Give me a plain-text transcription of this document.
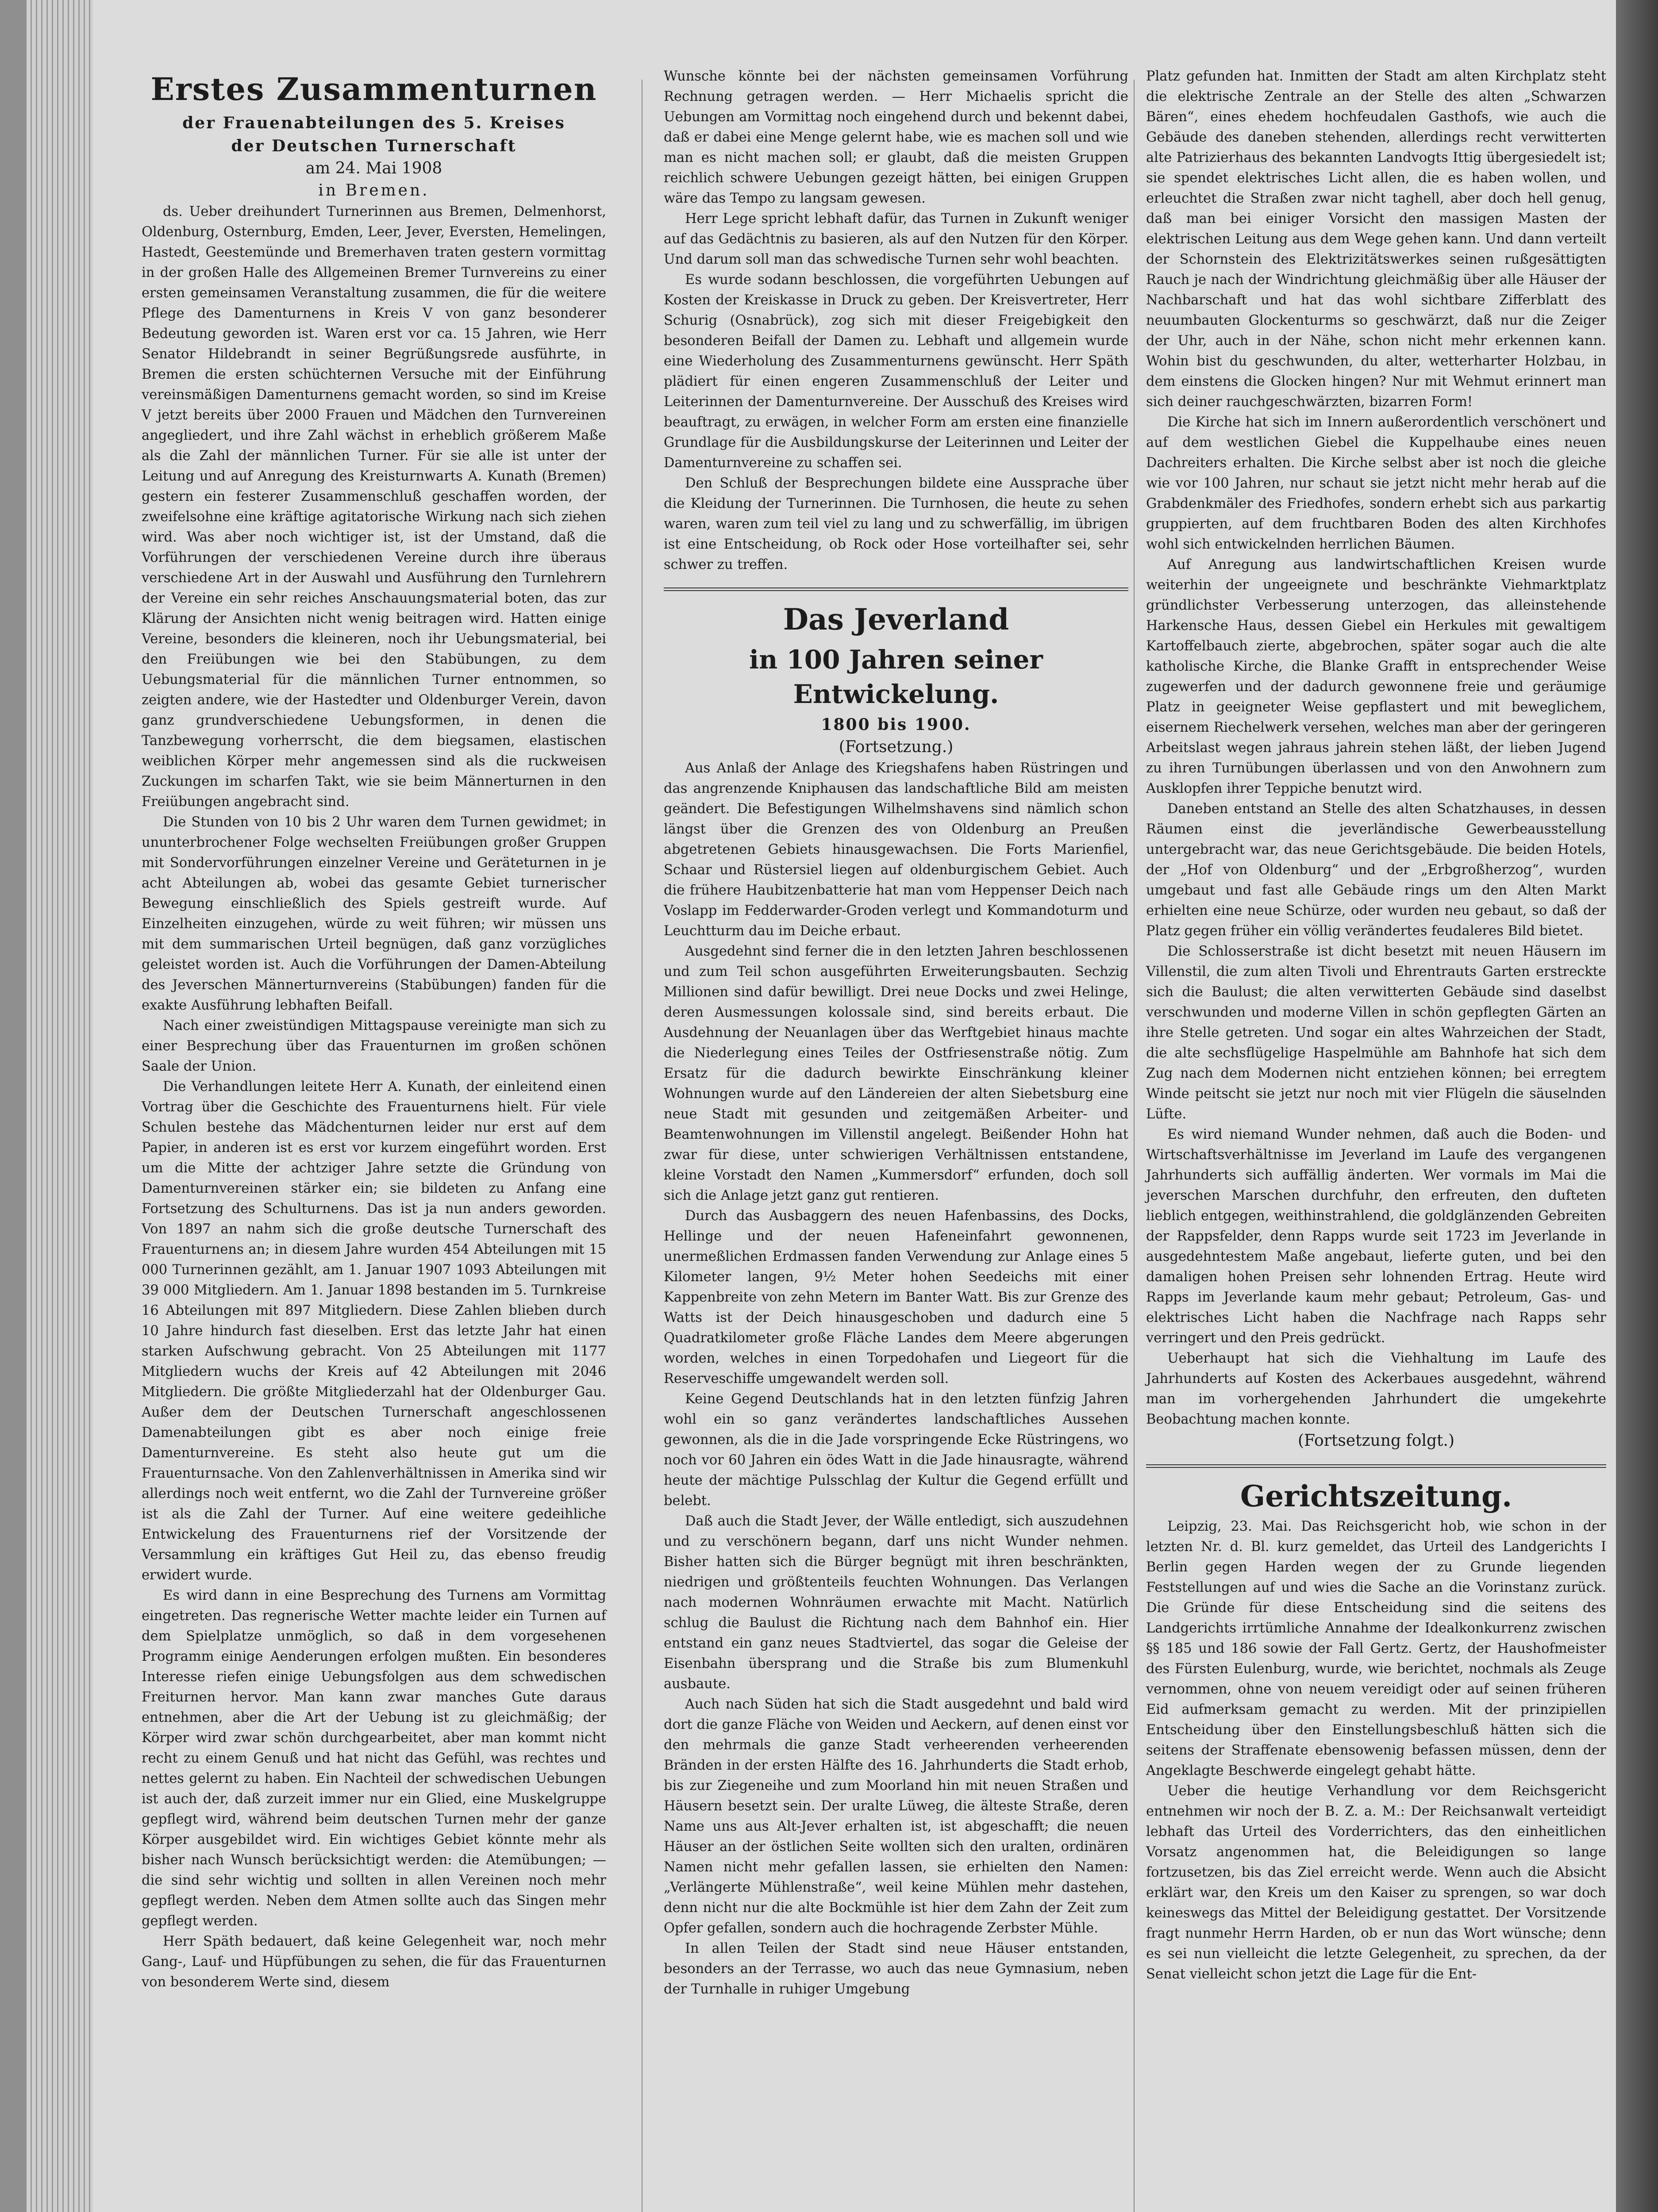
Erstes Zusammenturnen
der Frauenabteilungen des 5. Kreises
der Deutschen Turnerschaft
am 24. Mai 1908
in Bremen.

ds. Ueber dreihundert Turnerinnen aus Bremen, Delmenhorst, Oldenburg, Osternburg, Emden, Leer, Jever, Eversten, Hemelingen, Hastedt, Geestemünde und Bremerhaven traten gestern vormittag in der großen Halle des Allgemeinen Bremer Turnvereins zu einer ersten gemeinsamen Veranstaltung zusammen, die für die weitere Pflege des Damenturnens in Kreis V von ganz besonderer Bedeutung geworden ist. Waren erst vor ca. 15 Jahren, wie Herr Senator Hildebrandt in seiner Begrüßungsrede ausführte, in Bremen die ersten schüchternen Versuche mit der Einführung vereinsmäßigen Damenturnens gemacht worden, so sind im Kreise V jetzt bereits über 2000 Frauen und Mädchen den Turnvereinen angegliedert, und ihre Zahl wächst in erheblich größerem Maße als die Zahl der männlichen Turner. Für sie alle ist unter der Leitung und auf Anregung des Kreisturnwarts A. Kunath (Bremen) gestern ein festerer Zusammenschluß geschaffen worden, der zweifelsohne eine kräftige agitatorische Wirkung nach sich ziehen wird. Was aber noch wichtiger ist, ist der Umstand, daß die Vorführungen der verschiedenen Vereine durch ihre überaus verschiedene Art in der Auswahl und Ausführung den Turnlehrern der Vereine ein sehr reiches Anschauungsmaterial boten, das zur Klärung der Ansichten nicht wenig beitragen wird. Hatten einige Vereine, besonders die kleineren, noch ihr Uebungsmaterial, bei den Freiübungen wie bei den Stabübungen, zu dem Uebungsmaterial für die männlichen Turner entnommen, so zeigten andere, wie der Hastedter und Oldenburger Verein, davon ganz grundverschiedene Uebungsformen, in denen die Tanzbewegung vorherrscht, die dem biegsamen, elastischen weiblichen Körper mehr angemessen sind als die ruckweisen Zuckungen im scharfen Takt, wie sie beim Männerturnen in den Freiübungen angebracht sind.

Die Stunden von 10 bis 2 Uhr waren dem Turnen gewidmet; in ununterbrochener Folge wechselten Freiübungen großer Gruppen mit Sondervorführungen einzelner Vereine und Geräteturnen in je acht Abteilungen ab, wobei das gesamte Gebiet turnerischer Bewegung einschließlich des Spiels gestreift wurde. Auf Einzelheiten einzugehen, würde zu weit führen; wir müssen uns mit dem summarischen Urteil begnügen, daß ganz vorzügliches geleistet worden ist. Auch die Vorführungen der Damen-Abteilung des Jeverschen Männerturnvereins (Stabübungen) fanden für die exakte Ausführung lebhaften Beifall.

Nach einer zweistündigen Mittagspause vereinigte man sich zu einer Besprechung über das Frauenturnen im großen schönen Saale der Union.

Die Verhandlungen leitete Herr A. Kunath, der einleitend einen Vortrag über die Geschichte des Frauenturnens hielt. Für viele Schulen bestehe das Mädchenturnen leider nur erst auf dem Papier, in anderen ist es erst vor kurzem eingeführt worden. Erst um die Mitte der achtziger Jahre setzte die Gründung von Damenturnvereinen stärker ein; sie bildeten zu Anfang eine Fortsetzung des Schulturnens. Das ist ja nun anders geworden. Von 1897 an nahm sich die große deutsche Turnerschaft des Frauenturnens an; in diesem Jahre wurden 454 Abteilungen mit 15 000 Turnerinnen gezählt, am 1. Januar 1907 1093 Abteilungen mit 39 000 Mitgliedern. Am 1. Januar 1898 bestanden im 5. Turnkreise 16 Abteilungen mit 897 Mitgliedern. Diese Zahlen blieben durch 10 Jahre hindurch fast dieselben. Erst das letzte Jahr hat einen starken Aufschwung gebracht. Von 25 Abteilungen mit 1177 Mitgliedern wuchs der Kreis auf 42 Abteilungen mit 2046 Mitgliedern. Die größte Mitgliederzahl hat der Oldenburger Gau. Außer dem der Deutschen Turnerschaft angeschlossenen Damenabteilungen gibt es aber noch einige freie Damenturnvereine. Es steht also heute gut um die Frauenturnsache. Von den Zahlenverhältnissen in Amerika sind wir allerdings noch weit entfernt, wo die Zahl der Turnvereine größer ist als die Zahl der Turner. Auf eine weitere gedeihliche Entwickelung des Frauenturnens rief der Vorsitzende der Versammlung ein kräftiges Gut Heil zu, das ebenso freudig erwidert wurde.

Es wird dann in eine Besprechung des Turnens am Vormittag eingetreten. Das regnerische Wetter machte leider ein Turnen auf dem Spielplatze unmöglich, so daß in dem vorgesehenen Programm einige Aenderungen erfolgen mußten. Ein besonderes Interesse riefen einige Uebungsfolgen aus dem schwedischen Freiturnen hervor. Man kann zwar manches Gute daraus entnehmen, aber die Art der Uebung ist zu gleichmäßig; der Körper wird zwar schön durchgearbeitet, aber man kommt nicht recht zu einem Genuß und hat nicht das Gefühl, was rechtes und nettes gelernt zu haben. Ein Nachteil der schwedischen Uebungen ist auch der, daß zurzeit immer nur ein Glied, eine Muskelgruppe gepflegt wird, während beim deutschen Turnen mehr der ganze Körper ausgebildet wird. Ein wichtiges Gebiet könnte mehr als bisher nach Wunsch berücksichtigt werden: die Atemübungen; — die sind sehr wichtig und sollten in allen Vereinen noch mehr gepflegt werden. Neben dem Atmen sollte auch das Singen mehr gepflegt werden.

Herr Späth bedauert, daß keine Gelegenheit war, noch mehr Gang-, Lauf- und Hüpfübungen zu sehen, die für das Frauenturnen von besonderem Werte sind, diesem

Wunsche könnte bei der nächsten gemeinsamen Vorführung Rechnung getragen werden. — Herr Michaelis spricht die Uebungen am Vormittag noch eingehend durch und bekennt dabei, daß er dabei eine Menge gelernt habe, wie es machen soll und wie man es nicht machen soll; er glaubt, daß die meisten Gruppen reichlich schwere Uebungen gezeigt hätten, bei einigen Gruppen wäre das Tempo zu langsam gewesen.

Herr Lege spricht lebhaft dafür, das Turnen in Zukunft weniger auf das Gedächtnis zu basieren, als auf den Nutzen für den Körper. Und darum soll man das schwedische Turnen sehr wohl beachten.

Es wurde sodann beschlossen, die vorgeführten Uebungen auf Kosten der Kreiskasse in Druck zu geben. Der Kreisvertreter, Herr Schurig (Osnabrück), zog sich mit dieser Freigebigkeit den besonderen Beifall der Damen zu. Lebhaft und allgemein wurde eine Wiederholung des Zusammenturnens gewünscht. Herr Späth plädiert für einen engeren Zusammenschluß der Leiter und Leiterinnen der Damenturnvereine. Der Ausschuß des Kreises wird beauftragt, zu erwägen, in welcher Form am ersten eine finanzielle Grundlage für die Ausbildungskurse der Leiterinnen und Leiter der Damenturnvereine zu schaffen sei.

Den Schluß der Besprechungen bildete eine Aussprache über die Kleidung der Turnerinnen. Die Turnhosen, die heute zu sehen waren, waren zum teil viel zu lang und zu schwerfällig, im übrigen ist eine Entscheidung, ob Rock oder Hose vorteilhafter sei, sehr schwer zu treffen.

Das Jeverland
in 100 Jahren seiner Entwickelung.
1800 bis 1900.
(Fortsetzung.)

Aus Anlaß der Anlage des Kriegshafens haben Rüstringen und das angrenzende Kniphausen das landschaftliche Bild am meisten geändert. Die Befestigungen Wilhelmshavens sind nämlich schon längst über die Grenzen des von Oldenburg an Preußen abgetretenen Gebiets hinausgewachsen. Die Forts Marienfiel, Schaar und Rüstersiel liegen auf oldenburgischem Gebiet. Auch die frühere Haubitzenbatterie hat man vom Heppenser Deich nach Voslapp im Fedderwarder-Groden verlegt und Kommandoturm und Leuchtturm dau im Deiche erbaut.

Ausgedehnt sind ferner die in den letzten Jahren beschlossenen und zum Teil schon ausgeführten Erweiterungsbauten. Sechzig Millionen sind dafür bewilligt. Drei neue Docks und zwei Helinge, deren Ausmessungen kolossale sind, sind bereits erbaut. Die Ausdehnung der Neuanlagen über das Werftgebiet hinaus machte die Niederlegung eines Teiles der Ostfriesenstraße nötig. Zum Ersatz für die dadurch bewirkte Einschränkung kleiner Wohnungen wurde auf den Ländereien der alten Siebetsburg eine neue Stadt mit gesunden und zeitgemäßen Arbeiter- und Beamtenwohnungen im Villenstil angelegt. Beißender Hohn hat zwar für diese, unter schwierigen Verhältnissen entstandene, kleine Vorstadt den Namen „Kummersdorf“ erfunden, doch soll sich die Anlage jetzt ganz gut rentieren.

Durch das Ausbaggern des neuen Hafenbassins, des Docks, Hellinge und der neuen Hafeneinfahrt gewonnenen, unermeßlichen Erdmassen fanden Verwendung zur Anlage eines 5 Kilometer langen, 9½ Meter hohen Seedeichs mit einer Kappenbreite von zehn Metern im Banter Watt. Bis zur Grenze des Watts ist der Deich hinausgeschoben und dadurch eine 5 Quadratkilometer große Fläche Landes dem Meere abgerungen worden, welches in einen Torpedohafen und Liegeort für die Reserveschiffe umgewandelt werden soll.

Keine Gegend Deutschlands hat in den letzten fünfzig Jahren wohl ein so ganz verändertes landschaftliches Aussehen gewonnen, als die in die Jade vorspringende Ecke Rüstringens, wo noch vor 60 Jahren ein ödes Watt in die Jade hinausragte, während heute der mächtige Pulsschlag der Kultur die Gegend erfüllt und belebt.

Daß auch die Stadt Jever, der Wälle entledigt, sich auszudehnen und zu verschönern begann, darf uns nicht Wunder nehmen. Bisher hatten sich die Bürger begnügt mit ihren beschränkten, niedrigen und größtenteils feuchten Wohnungen. Das Verlangen nach modernen Wohnräumen erwachte mit Macht. Natürlich schlug die Baulust die Richtung nach dem Bahnhof ein. Hier entstand ein ganz neues Stadtviertel, das sogar die Geleise der Eisenbahn übersprang und die Straße bis zum Blumenkuhl ausbaute.

Auch nach Süden hat sich die Stadt ausgedehnt und bald wird dort die ganze Fläche von Weiden und Aeckern, auf denen einst vor den mehrmals die ganze Stadt verheerenden verheerenden Bränden in der ersten Hälfte des 16. Jahrhunderts die Stadt erhob, bis zur Ziegeneihe und zum Moorland hin mit neuen Straßen und Häusern besetzt sein. Der uralte Lüweg, die älteste Straße, deren Name uns aus Alt-Jever erhalten ist, ist abgeschafft; die neuen Häuser an der östlichen Seite wollten sich den uralten, ordinären Namen nicht mehr gefallen lassen, sie erhielten den Namen: „Verlängerte Mühlenstraße“, weil keine Mühlen mehr dastehen, denn nicht nur die alte Bockmühle ist hier dem Zahn der Zeit zum Opfer gefallen, sondern auch die hochragende Zerbster Mühle.

In allen Teilen der Stadt sind neue Häuser entstanden, besonders an der Terrasse, wo auch das neue Gymnasium, neben der Turnhalle in ruhiger Umgebung

Platz gefunden hat. Inmitten der Stadt am alten Kirchplatz steht die elektrische Zentrale an der Stelle des alten „Schwarzen Bären“, eines ehedem hochfeudalen Gasthofs, wie auch die Gebäude des daneben stehenden, allerdings recht verwitterten alte Patrizierhaus des bekannten Landvogts Ittig übergesiedelt ist; sie spendet elektrisches Licht allen, die es haben wollen, und erleuchtet die Straßen zwar nicht taghell, aber doch hell genug, daß man bei einiger Vorsicht den massigen Masten der elektrischen Leitung aus dem Wege gehen kann. Und dann verteilt der Schornstein des Elektrizitätswerkes seinen rußgesättigten Rauch je nach der Windrichtung gleichmäßig über alle Häuser der Nachbarschaft und hat das wohl sichtbare Zifferblatt des neuumbauten Glockenturms so geschwärzt, daß nur die Zeiger der Uhr, auch in der Nähe, schon nicht mehr erkennen kann. Wohin bist du geschwunden, du alter, wetterharter Holzbau, in dem einstens die Glocken hingen? Nur mit Wehmut erinnert man sich deiner rauchgeschwärzten, bizarren Form!

Die Kirche hat sich im Innern außerordentlich verschönert und auf dem westlichen Giebel die Kuppelhaube eines neuen Dachreiters erhalten. Die Kirche selbst aber ist noch die gleiche wie vor 100 Jahren, nur schaut sie jetzt nicht mehr herab auf die Grabdenkmäler des Friedhofes, sondern erhebt sich aus parkartig gruppierten, auf dem fruchtbaren Boden des alten Kirchhofes wohl sich entwickelnden herrlichen Bäumen.

Auf Anregung aus landwirtschaftlichen Kreisen wurde weiterhin der ungeeignete und beschränkte Viehmarktplatz gründlichster Verbesserung unterzogen, das alleinstehende Harkensche Haus, dessen Giebel ein Herkules mit gewaltigem Kartoffelbauch zierte, abgebrochen, später sogar auch die alte katholische Kirche, die Blanke Grafft in entsprechender Weise zugewerfen und der dadurch gewonnene freie und geräumige Platz in geeigneter Weise gepflastert und mit beweglichem, eisernem Riechelwerk versehen, welches man aber der geringeren Arbeitslast wegen jahraus jahrein stehen läßt, der lieben Jugend zu ihren Turnübungen überlassen und von den Anwohnern zum Ausklopfen ihrer Teppiche benutzt wird.

Daneben entstand an Stelle des alten Schatzhauses, in dessen Räumen einst die jeverländische Gewerbeausstellung untergebracht war, das neue Gerichtsgebäude. Die beiden Hotels, der „Hof von Oldenburg“ und der „Erbgroßherzog“, wurden umgebaut und fast alle Gebäude rings um den Alten Markt erhielten eine neue Schürze, oder wurden neu gebaut, so daß der Platz gegen früher ein völlig verändertes feudaleres Bild bietet.

Die Schlosserstraße ist dicht besetzt mit neuen Häusern im Villenstil, die zum alten Tivoli und Ehrentrauts Garten erstreckte sich die Baulust; die alten verwitterten Gebäude sind daselbst verschwunden und moderne Villen in schön gepflegten Gärten an ihre Stelle getreten. Und sogar ein altes Wahrzeichen der Stadt, die alte sechsflügelige Haspelmühle am Bahnhofe hat sich dem Zug nach dem Modernen nicht entziehen können; bei erregtem Winde peitscht sie jetzt nur noch mit vier Flügeln die säuselnden Lüfte.

Es wird niemand Wunder nehmen, daß auch die Boden- und Wirtschaftsverhältnisse im Jeverland im Laufe des vergangenen Jahrhunderts sich auffällig änderten. Wer vormals im Mai die jeverschen Marschen durchfuhr, den erfreuten, den dufteten lieblich entgegen, weithinstrahlend, die goldglänzenden Gebreiten der Rappsfelder, denn Rapps wurde seit 1723 im Jeverlande in ausgedehntestem Maße angebaut, lieferte guten, und bei den damaligen hohen Preisen sehr lohnenden Ertrag. Heute wird Rapps im Jeverlande kaum mehr gebaut; Petroleum, Gas- und elektrisches Licht haben die Nachfrage nach Rapps sehr verringert und den Preis gedrückt.

Ueberhaupt hat sich die Viehhaltung im Laufe des Jahrhunderts auf Kosten des Ackerbaues ausgedehnt, während man im vorhergehenden Jahrhundert die umgekehrte Beobachtung machen konnte.

(Fortsetzung folgt.)
Gerichtszeitung.

Leipzig, 23. Mai. Das Reichsgericht hob, wie schon in der letzten Nr. d. Bl. kurz gemeldet, das Urteil des Landgerichts I Berlin gegen Harden wegen der zu Grunde liegenden Feststellungen auf und wies die Sache an die Vorinstanz zurück. Die Gründe für diese Entscheidung sind die seitens des Landgerichts irrtümliche Annahme der Idealkonkurrenz zwischen §§ 185 und 186 sowie der Fall Gertz. Gertz, der Haushofmeister des Fürsten Eulenburg, wurde, wie berichtet, nochmals als Zeuge vernommen, ohne von neuem vereidigt oder auf seinen früheren Eid aufmerksam gemacht zu werden. Mit der prinzipiellen Entscheidung über den Einstellungsbeschluß hätten sich die seitens der Straffenate ebensowenig befassen müssen, denn der Angeklagte Beschwerde eingelegt gehabt hätte.

Ueber die heutige Verhandlung vor dem Reichsgericht entnehmen wir noch der B. Z. a. M.: Der Reichsanwalt verteidigt lebhaft das Urteil des Vorderrichters, das den einheitlichen Vorsatz angenommen hat, die Beleidigungen so lange fortzusetzen, bis das Ziel erreicht werde. Wenn auch die Absicht erklärt war, den Kreis um den Kaiser zu sprengen, so war doch keineswegs das Mittel der Beleidigung gestattet. Der Vorsitzende fragt nunmehr Herrn Harden, ob er nun das Wort wünsche; denn es sei nun vielleicht die letzte Gelegenheit, zu sprechen, da der Senat vielleicht schon jetzt die Lage für die Ent-
